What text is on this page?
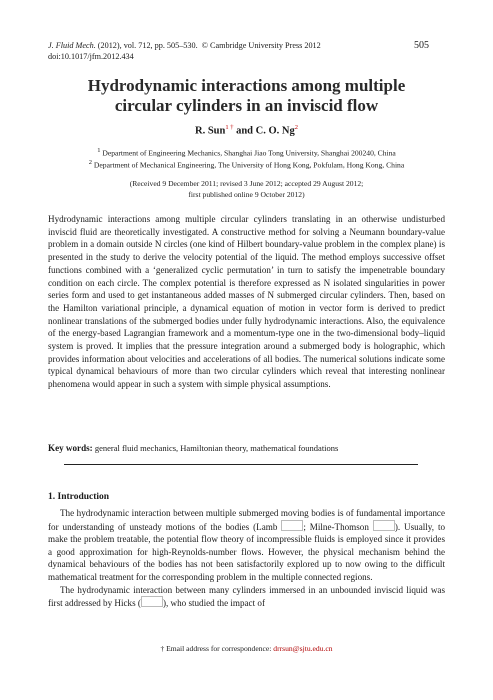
J. Fluid Mech. (2012), vol. 712, pp. 505–530. © Cambridge University Press 2012
doi:10.1017/jfm.2012.434
505
Hydrodynamic interactions among multiple
circular cylinders in an inviscid flow
R. Sun$^{1 \dagger}$ and C. O. Ng$^2$
1 Department of Engineering Mechanics, Shanghai Jiao Tong University, Shanghai 200240, China
2 Department of Mechanical Engineering, The University of Hong Kong, Pokfulam, Hong Kong, China
(Received 9 December 2011; revised 3 June 2012; accepted 29 August 2012;
first published online 9 October 2012)

Hydrodynamic interactions among multiple circular cylinders translating in an otherwise undisturbed inviscid fluid are theoretically investigated. A constructive method for solving a Neumann boundary-value problem in a domain outside N circles (one kind of Hilbert boundary-value problem in the complex plane) is presented in the study to derive the velocity potential of the liquid. The method employs successive offset functions combined with a ‘generalized cyclic permutation’ in turn to satisfy the impenetrable boundary condition on each circle. The complex potential is therefore expressed as N isolated singularities in power series form and used to get instantaneous added masses of N submerged circular cylinders. Then, based on the Hamilton variational principle, a dynamical equation of motion in vector form is derived to predict nonlinear translations of the submerged bodies under fully hydrodynamic interactions. Also, the equivalence of the energy-based Lagrangian framework and a momentum-type one in the two-dimensional body–liquid system is proved. It implies that the pressure integration around a submerged body is holographic, which provides information about velocities and accelerations of all bodies. The numerical solutions indicate some typical dynamical behaviours of more than two circular cylinders which reveal that interesting nonlinear phenomena would appear in such a system with simple physical assumptions.

Key words: general fluid mechanics, Hamiltonian theory, mathematical foundations
1. Introduction

The hydrodynamic interaction between multiple submerged moving bodies is of fundamental importance for understanding of unsteady motions of the bodies (Lamb	; Milne-Thomson	). Usually, to make the problem treatable, the potential flow theory of incompressible fluids is employed since it provides a good approximation for high-Reynolds-number flows. However, the physical mechanism behind the dynamical behaviours of the bodies has not been satisfactorily explored up to now owing to the difficult mathematical treatment for the corresponding problem in the multiple connected regions.

The hydrodynamic interaction between many cylinders immersed in an unbounded inviscid liquid was first addressed by Hicks ( ), who studied the impact of

† Email address for correspondence: drrsun@sjtu.edu.cn
